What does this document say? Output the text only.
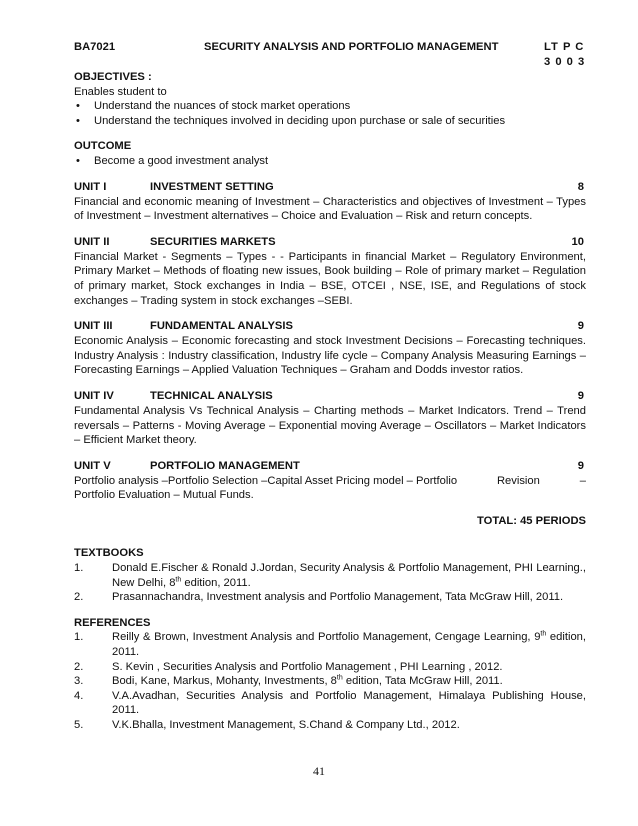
BA7021	SECURITY ANALYSIS AND PORTFOLIO MANAGEMENT	LT P C
3 0 0 3
OBJECTIVES :
Enables student to
• Understand the nuances of stock market operations
• Understand the techniques involved in deciding upon purchase or sale of securities
OUTCOME
• Become a good investment analyst
UNIT I	INVESTMENT SETTING	8
Financial and economic meaning of Investment – Characteristics and objectives of Investment – Types of Investment – Investment alternatives – Choice and Evaluation – Risk and return concepts.
UNIT II	SECURITIES MARKETS	10
Financial Market - Segments – Types - - Participants in financial Market – Regulatory Environment, Primary Market – Methods of floating new issues, Book building – Role of primary market – Regulation of primary market, Stock exchanges in India – BSE, OTCEI , NSE, ISE, and Regulations of stock exchanges – Trading system in stock exchanges –SEBI.
UNIT III	FUNDAMENTAL ANALYSIS	9
Economic Analysis – Economic forecasting and stock Investment Decisions – Forecasting techniques. Industry Analysis : Industry classification, Industry life cycle – Company Analysis Measuring Earnings – Forecasting Earnings – Applied Valuation Techniques – Graham and Dodds investor ratios.
UNIT IV	TECHNICAL ANALYSIS	9
Fundamental Analysis Vs Technical Analysis – Charting methods – Market Indicators. Trend – Trend reversals – Patterns - Moving Average – Exponential moving Average – Oscillators – Market Indicators – Efficient Market theory.
UNIT V	PORTFOLIO MANAGEMENT	9
Portfolio analysis –Portfolio Selection –Capital Asset Pricing model – Portfolio	Revision	–
Portfolio Evaluation – Mutual Funds.
TOTAL: 45 PERIODS
TEXTBOOKS
1.	Donald E.Fischer & Ronald J.Jordan, Security Analysis & Portfolio Management, PHI Learning., New Delhi, 8th edition, 2011.
2.	Prasannachandra, Investment analysis and Portfolio Management, Tata McGraw Hill, 2011.
REFERENCES
1.	Reilly & Brown, Investment Analysis and Portfolio Management, Cengage Learning, 9th edition, 2011.
2.	S. Kevin , Securities Analysis and Portfolio Management , PHI Learning , 2012.
3.	Bodi, Kane, Markus, Mohanty, Investments, 8th edition, Tata McGraw Hill, 2011.
4.	V.A.Avadhan, Securities Analysis and Portfolio Management, Himalaya Publishing House, 2011.
5.	V.K.Bhalla, Investment Management, S.Chand & Company Ltd., 2012.
41
